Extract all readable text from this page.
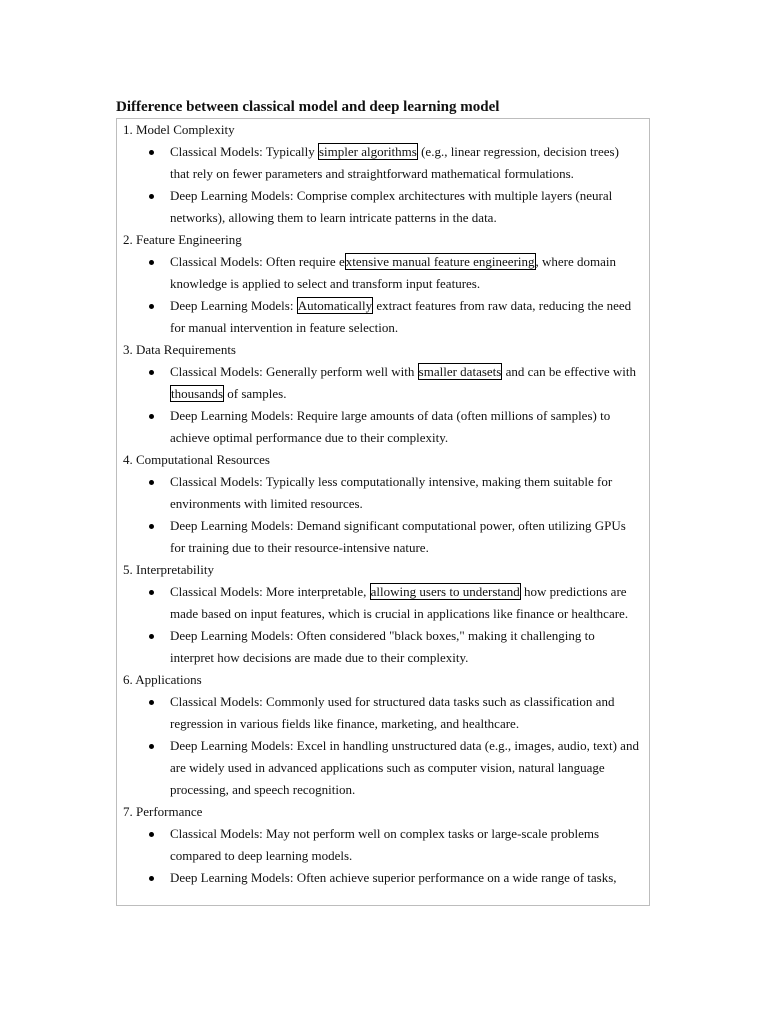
Difference between classical model and deep learning model
1. Model Complexity
Classical Models: Typically simpler algorithms (e.g., linear regression, decision trees) that rely on fewer parameters and straightforward mathematical formulations.
Deep Learning Models: Comprise complex architectures with multiple layers (neural networks), allowing them to learn intricate patterns in the data.
2. Feature Engineering
Classical Models: Often require extensive manual feature engineering, where domain knowledge is applied to select and transform input features.
Deep Learning Models: Automatically extract features from raw data, reducing the need for manual intervention in feature selection.
3. Data Requirements
Classical Models: Generally perform well with smaller datasets and can be effective with thousands of samples.
Deep Learning Models: Require large amounts of data (often millions of samples) to achieve optimal performance due to their complexity.
4. Computational Resources
Classical Models: Typically less computationally intensive, making them suitable for environments with limited resources.
Deep Learning Models: Demand significant computational power, often utilizing GPUs for training due to their resource-intensive nature.
5. Interpretability
Classical Models: More interpretable, allowing users to understand how predictions are made based on input features, which is crucial in applications like finance or healthcare.
Deep Learning Models: Often considered "black boxes," making it challenging to interpret how decisions are made due to their complexity.
6. Applications
Classical Models: Commonly used for structured data tasks such as classification and regression in various fields like finance, marketing, and healthcare.
Deep Learning Models: Excel in handling unstructured data (e.g., images, audio, text) and are widely used in advanced applications such as computer vision, natural language processing, and speech recognition.
7. Performance
Classical Models: May not perform well on complex tasks or large-scale problems compared to deep learning models.
Deep Learning Models: Often achieve superior performance on a wide range of tasks,
